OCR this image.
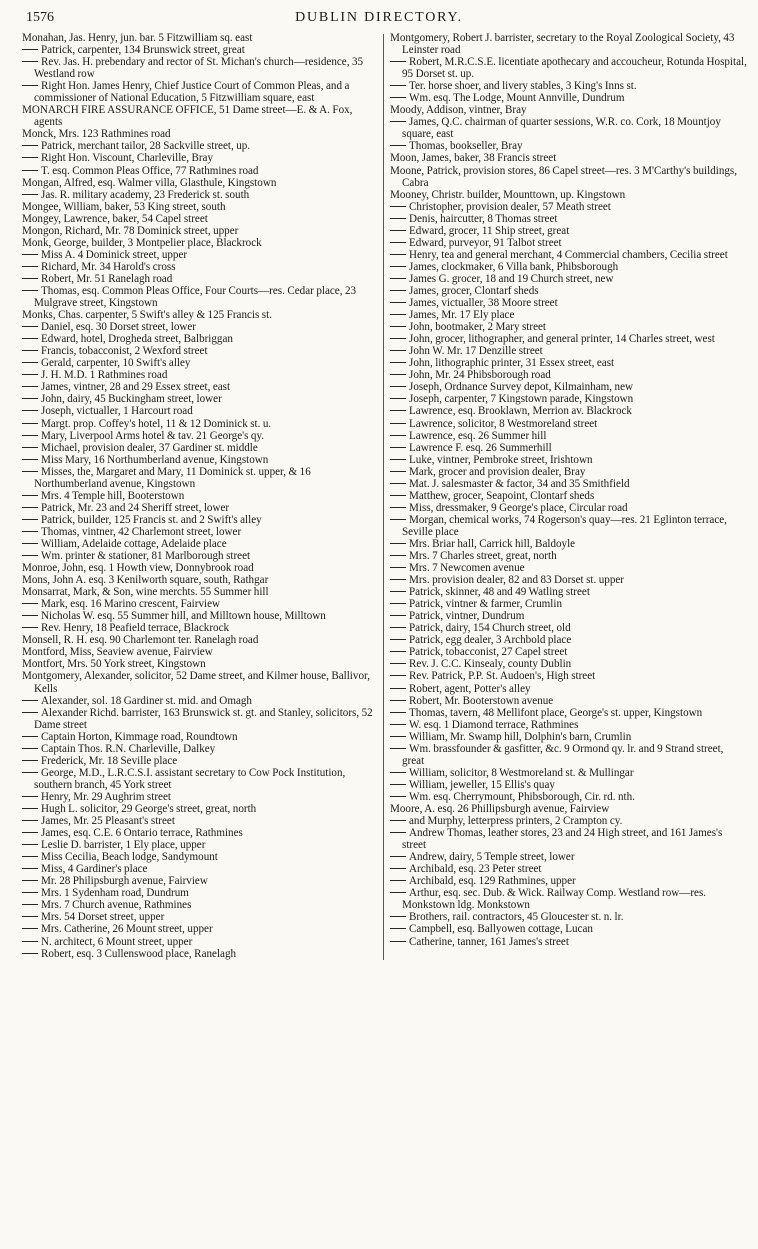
1576	DUBLIN DIRECTORY.
Monahan, Jas. Henry, jun. bar. 5 Fitzwilliam sq. east
Patrick, carpenter, 134 Brunswick street, great
Rev. Jas. H. prebendary and rector of St. Michan's church—residence, 35 Westland row
Right Hon. James Henry, Chief Justice Court of Common Pleas, and a commissioner of National Education, 5 Fitzwilliam square, east
MONARCH FIRE ASSURANCE OFFICE, 51 Dame street—E. & A. Fox, agents
Monck, Mrs. 123 Rathmines road
Patrick, merchant tailor, 28 Sackville street, up.
Right Hon. Viscount, Charleville, Bray
T. esq. Common Pleas Office, 77 Rathmines road
Mongan, Alfred, esq. Walmer villa, Glasthule, Kingstown
Jas. R. military academy, 23 Frederick st. south
Mongee, William, baker, 53 King street, south
Mongey, Lawrence, baker, 54 Capel street
Mongon, Richard, Mr. 78 Dominick street, upper
Monk, George, builder, 3 Montpelier place, Blackrock
Miss A. 4 Dominick street, upper
Richard, Mr. 34 Harold's cross
Robert, Mr. 51 Ranelagh road
Thomas, esq. Common Pleas Office, Four Courts—res. Cedar place, 23 Mulgrave street, Kingstown
Monks, Chas. carpenter, 5 Swift's alley & 125 Francis st.
Daniel, esq. 30 Dorset street, lower
Edward, hotel, Drogheda street, Balbriggan
Francis, tobacconist, 2 Wexford street
Gerald, carpenter, 10 Swift's alley
J. H. M.D. 1 Rathmines road
James, vintner, 28 and 29 Essex street, east
John, dairy, 45 Buckingham street, lower
Joseph, victualler, 1 Harcourt road
Margt. prop. Coffey's hotel, 11 & 12 Dominick st. u.
Mary, Liverpool Arms hotel & tav. 21 George's qy.
Michael, provision dealer, 37 Gardiner st. middle
Miss Mary, 16 Northumberland avenue, Kingstown
Misses, the, Margaret and Mary, 11 Dominick st. upper, & 16 Northumberland avenue, Kingstown
Mrs. 4 Temple hill, Booterstown
Patrick, Mr. 23 and 24 Sheriff street, lower
Patrick, builder, 125 Francis st. and 2 Swift's alley
Thomas, vintner, 42 Charlemont street, lower
William, Adelaide cottage, Adelaide place
Wm. printer & stationer, 81 Marlborough street
Monroe, John, esq. 1 Howth view, Donnybrook road
Mons, John A. esq. 3 Kenilworth square, south, Rathgar
Monsarrat, Mark, & Son, wine merchts. 55 Summer hill
Mark, esq. 16 Marino crescent, Fairview
Nicholas W. esq. 55 Summer hill, and Milltown house, Milltown
Rev. Henry, 18 Peafield terrace, Blackrock
Monsell, R. H. esq. 90 Charlemont ter. Ranelagh road
Montford, Miss, Seaview avenue, Fairview
Montfort, Mrs. 50 York street, Kingstown
Montgomery, Alexander, solicitor, 52 Dame street, and Kilmer house, Ballivor, Kells
Alexander, sol. 18 Gardiner st. mid. and Omagh
Alexander Richd. barrister, 163 Brunswick st. gt. and Stanley, solicitors, 52 Dame street
Captain Horton, Kimmage road, Roundtown
Captain Thos. R.N. Charleville, Dalkey
Frederick, Mr. 18 Seville place
George, M.D., L.R.C.S.I. assistant secretary to Cow Pock Institution, southern branch, 45 York street
Henry, Mr. 29 Aughrim street
Hugh L. solicitor, 29 George's street, great, north
James, Mr. 25 Pleasant's street
James, esq. C.E. 6 Ontario terrace, Rathmines
Leslie D. barrister, 1 Ely place, upper
Miss Cecilia, Beach lodge, Sandymount
Miss, 4 Gardiner's place
Mr. 28 Philipsburgh avenue, Fairview
Mrs. 1 Sydenham road, Dundrum
Mrs. 7 Church avenue, Rathmines
Mrs. 54 Dorset street, upper
Mrs. Catherine, 26 Mount street, upper
N. architect, 6 Mount street, upper
Robert, esq. 3 Cullenswood place, Ranelagh
Montgomery, Robert J. barrister, secretary to the Royal Zoological Society, 43 Leinster road
Robert, M.R.C.S.E. licentiate apothecary and accoucheur, Rotunda Hospital, 95 Dorset st. up.
Ter. horse shoer, and livery stables, 3 King's Inns st.
Wm. esq. The Lodge, Mount Annville, Dundrum
Moody, Addison, vintner, Bray
James, Q.C. chairman of quarter sessions, W.R. co. Cork, 18 Mountjoy square, east
Thomas, bookseller, Bray
Moon, James, baker, 38 Francis street
Moone, Patrick, provision stores, 86 Capel street—res. 3 M'Carthy's buildings, Cabra
Mooney, Christr. builder, Mounttown, up. Kingstown
Christopher, provision dealer, 57 Meath street
Denis, haircutter, 8 Thomas street
Edward, grocer, 11 Ship street, great
Edward, purveyor, 91 Talbot street
Henry, tea and general merchant, 4 Commercial chambers, Cecilia street
James, clockmaker, 6 Villa bank, Phibsborough
James G. grocer, 18 and 19 Church street, new
James, grocer, Clontarf sheds
James, victualler, 38 Moore street
James, Mr. 17 Ely place
John, bootmaker, 2 Mary street
John, grocer, lithographer, and general printer, 14 Charles street, west
John W. Mr. 17 Denzille street
John, lithographic printer, 31 Essex street, east
John, Mr. 24 Phibsborough road
Joseph, Ordnance Survey depot, Kilmainham, new
Joseph, carpenter, 7 Kingstown parade, Kingstown
Lawrence, esq. Brooklawn, Merrion av. Blackrock
Lawrence, solicitor, 8 Westmoreland street
Lawrence, esq. 26 Summer hill
Lawrence F. esq. 26 Summerhill
Luke, vintner, Pembroke street, Irishtown
Mark, grocer and provision dealer, Bray
Mat. J. salesmaster & factor, 34 and 35 Smithfield
Matthew, grocer, Seapoint, Clontarf sheds
Miss, dressmaker, 9 George's place, Circular road
Morgan, chemical works, 74 Rogerson's quay—res. 21 Eglinton terrace, Seville place
Mrs. Briar hall, Carrick hill, Baldoyle
Mrs. 7 Charles street, great, north
Mrs. 7 Newcomen avenue
Mrs. provision dealer, 82 and 83 Dorset st. upper
Patrick, skinner, 48 and 49 Watling street
Patrick, vintner & farmer, Crumlin
Patrick, vintner, Dundrum
Patrick, dairy, 154 Church street, old
Patrick, egg dealer, 3 Archbold place
Patrick, tobacconist, 27 Capel street
Rev. J. C.C. Kinsealy, county Dublin
Rev. Patrick, P.P. St. Audoen's, High street
Robert, agent, Potter's alley
Robert, Mr. Booterstown avenue
Thomas, tavern, 48 Mellifont place, George's st. upper, Kingstown
W. esq. 1 Diamond terrace, Rathmines
William, Mr. Swamp hill, Dolphin's barn, Crumlin
Wm. brassfounder & gasfitter, &c. 9 Ormond qy. lr. and 9 Strand street, great
William, solicitor, 8 Westmoreland st. & Mullingar
William, jeweller, 15 Ellis's quay
Wm. esq. Cherrymount, Phibsborough, Cir. rd. nth.
Moore, A. esq. 26 Phillipsburgh avenue, Fairview
and Murphy, letterpress printers, 2 Crampton cy.
Andrew Thomas, leather stores, 23 and 24 High street, and 161 James's street
Andrew, dairy, 5 Temple street, lower
Archibald, esq. 23 Peter street
Archibald, esq. 129 Rathmines, upper
Arthur, esq. sec. Dub. & Wick. Railway Comp. Westland row—res. Monkstown ldg. Monkstown
Brothers, rail. contractors, 45 Gloucester st. n. lr.
Campbell, esq. Ballyowen cottage, Lucan
Catherine, tanner, 161 James's street
